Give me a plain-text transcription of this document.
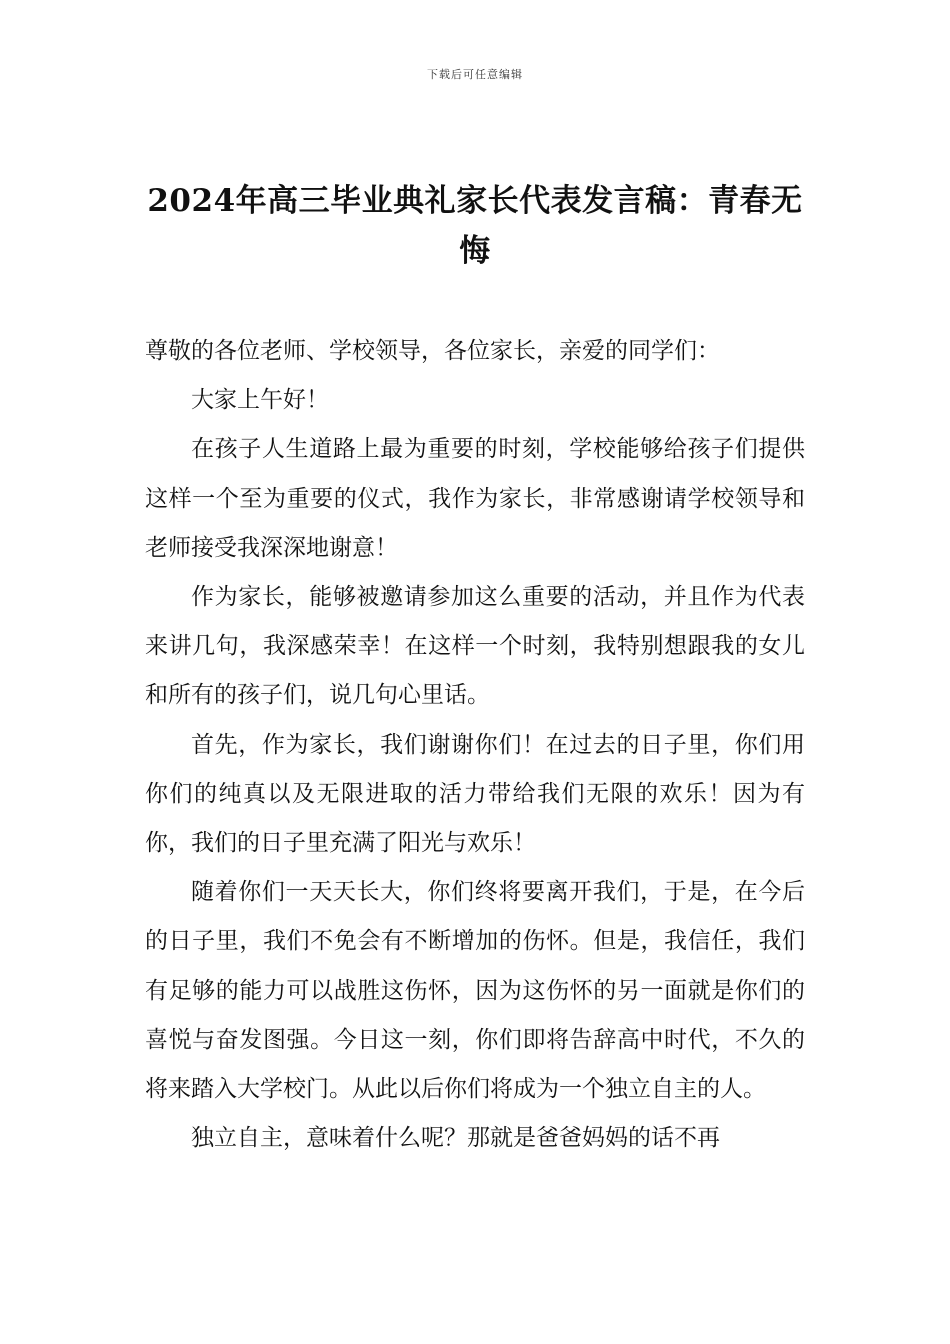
下载后可任意编辑
2024年高三毕业典礼家长代表发言稿：青春无悔

尊敬的各位老师、学校领导，各位家长，亲爱的同学们：

大家上午好！

在孩子人生道路上最为重要的时刻，学校能够给孩子们提供这样一个至为重要的仪式，我作为家长，非常感谢请学校领导和老师接受我深深地谢意！

作为家长，能够被邀请参加这么重要的活动，并且作为代表来讲几句，我深感荣幸！在这样一个时刻，我特别想跟我的女儿和所有的孩子们，说几句心里话。

首先，作为家长，我们谢谢你们！在过去的日子里，你们用你们的纯真以及无限进取的活力带给我们无限的欢乐！因为有你，我们的日子里充满了阳光与欢乐！

随着你们一天天长大，你们终将要离开我们，于是，在今后的日子里，我们不免会有不断增加的伤怀。但是，我信任，我们有足够的能力可以战胜这伤怀，因为这伤怀的另一面就是你们的喜悦与奋发图强。今日这一刻，你们即将告辞高中时代，不久的将来踏入大学校门。从此以后你们将成为一个独立自主的人。

独立自主，意味着什么呢？那就是爸爸妈妈的话不再
